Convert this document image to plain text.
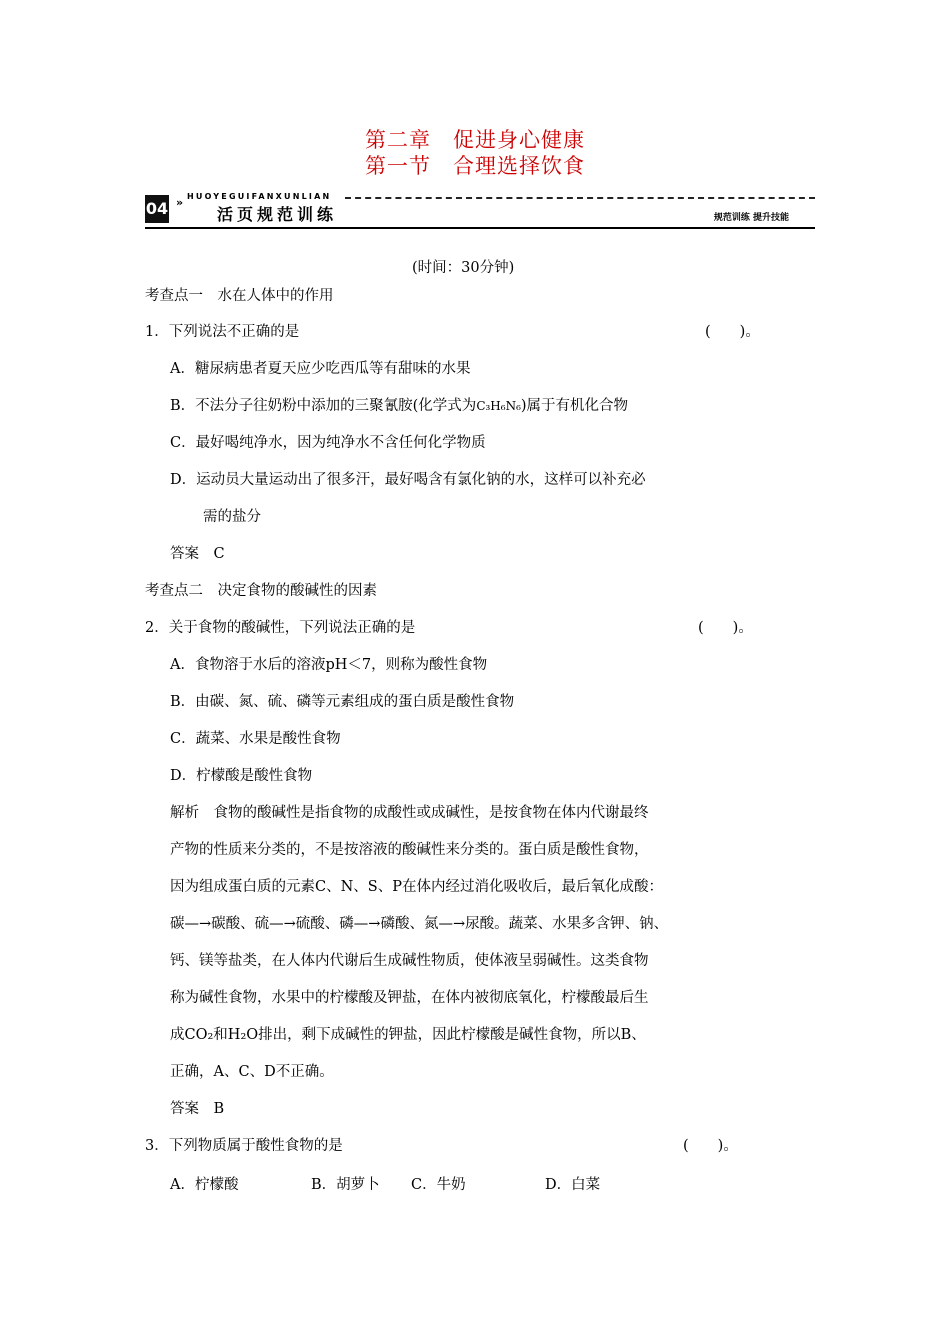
第二章　促进身心健康
第一节　合理选择饮食
04 » HUOYEGUIFANXUNLIAN
活页规范训练	规范训练 提升技能
(时间：30分钟)
考查点一　水在人体中的作用
1．下列说法不正确的是	(　　)。
A．糖尿病患者夏天应少吃西瓜等有甜味的水果
B．不法分子往奶粉中添加的三聚氰胺(化学式为C₃H₆N₆)属于有机化合物
C．最好喝纯净水，因为纯净水不含任何化学物质
D．运动员大量运动出了很多汗，最好喝含有氯化钠的水，这样可以补充必
需的盐分
答案　C
考查点二　决定食物的酸碱性的因素
2．关于食物的酸碱性，下列说法正确的是	(　　)。
A．食物溶于水后的溶液pH＜7，则称为酸性食物
B．由碳、氮、硫、磷等元素组成的蛋白质是酸性食物
C．蔬菜、水果是酸性食物
D．柠檬酸是酸性食物
解析　食物的酸碱性是指食物的成酸性或成碱性，是按食物在体内代谢最终
产物的性质来分类的，不是按溶液的酸碱性来分类的。蛋白质是酸性食物，
因为组成蛋白质的元素C、N、S、P在体内经过消化吸收后，最后氧化成酸：
碳—→碳酸、硫—→硫酸、磷—→磷酸、氮—→尿酸。蔬菜、水果多含钾、钠、
钙、镁等盐类，在人体内代谢后生成碱性物质，使体液呈弱碱性。这类食物
称为碱性食物，水果中的柠檬酸及钾盐，在体内被彻底氧化，柠檬酸最后生
成CO₂和H₂O排出，剩下成碱性的钾盐，因此柠檬酸是碱性食物，所以B、
正确，A、C、D不正确。
答案　B
3．下列物质属于酸性食物的是	(　　)。
A．柠檬酸	B．胡萝卜 C．牛奶	D．白菜
